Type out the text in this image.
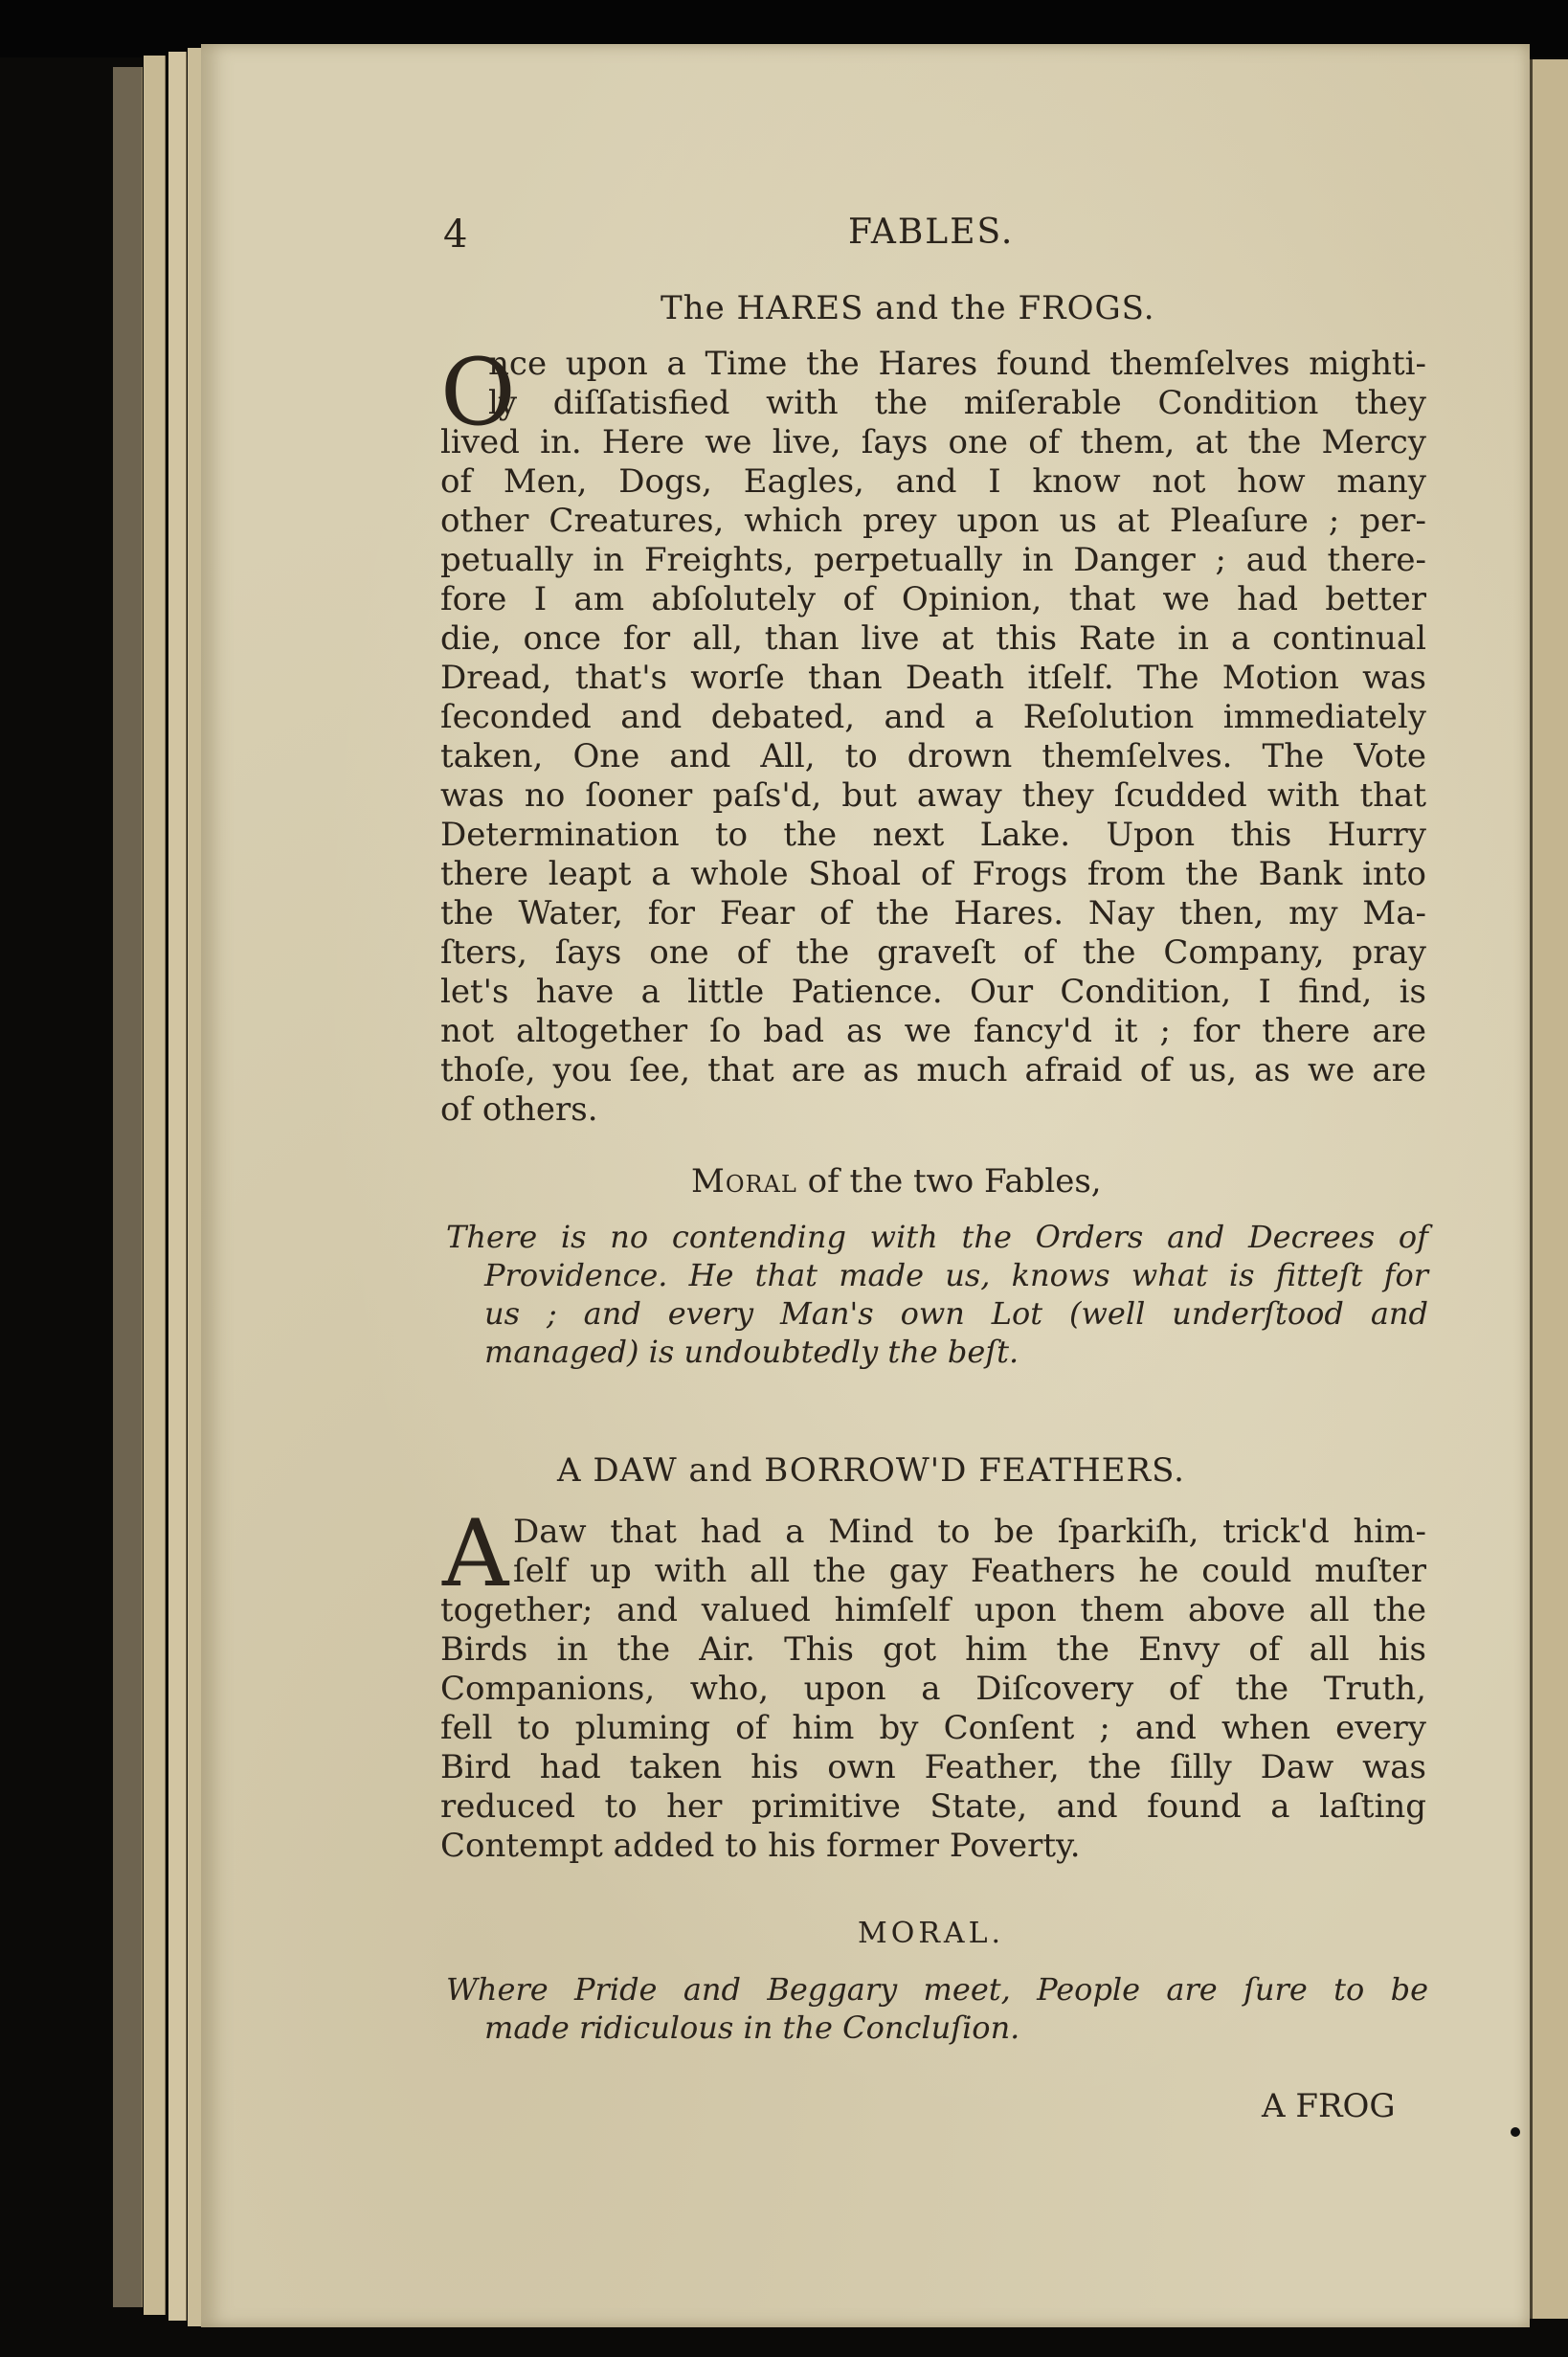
4	FABLES.
The HARES and the FROGS.
O
nce upon a Time the Hares found themſelves mighti-
ly diſſatisfied with the miſerable Condition they
lived in. Here we live, ſays one of them, at the Mercy
of Men, Dogs, Eagles, and I know not how many
other Creatures, which prey upon us at Pleaſure ; per-
petually in Freights, perpetually in Danger ; aud there-
fore I am abſolutely of Opinion, that we had better
die, once for all, than live at this Rate in a continual
Dread, that's worſe than Death itſelf. The Motion was
ſeconded and debated, and a Reſolution immediately
taken, One and All, to drown themſelves. The Vote
was no ſooner paſs'd, but away they ſcudded with that
Determination to the next Lake. Upon this Hurry
there leapt a whole Shoal of Frogs from the Bank into
the Water, for Fear of the Hares. Nay then, my Ma-
ſters, ſays one of the graveſt of the Company, pray
let's have a little Patience. Our Condition, I find, is
not altogether ſo bad as we fancy'd it ; for there are
thoſe, you ſee, that are as much afraid of us, as we are
of others.
Moral of the two Fables,
There is no contending with the Orders and Decrees of
Providence. He that made us, knows what is fitteſt for
us ; and every Man's own Lot (well underſtood and
managed) is undoubtedly the beſt.
A DAW and BORROW'D FEATHERS.
A Daw that had a Mind to be ſparkiſh, trick'd him-
ſelf up with all the gay Feathers he could muſter
together; and valued himſelf upon them above all the
Birds in the Air. This got him the Envy of all his
Companions, who, upon a Diſcovery of the Truth,
fell to pluming of him by Conſent ; and when every
Bird had taken his own Feather, the ſilly Daw was
reduced to her primitive State, and found a laſting
Contempt added to his former Poverty.
MORAL.
Where Pride and Beggary meet, People are ſure to be
made ridiculous in the Concluſion.
A FROG
